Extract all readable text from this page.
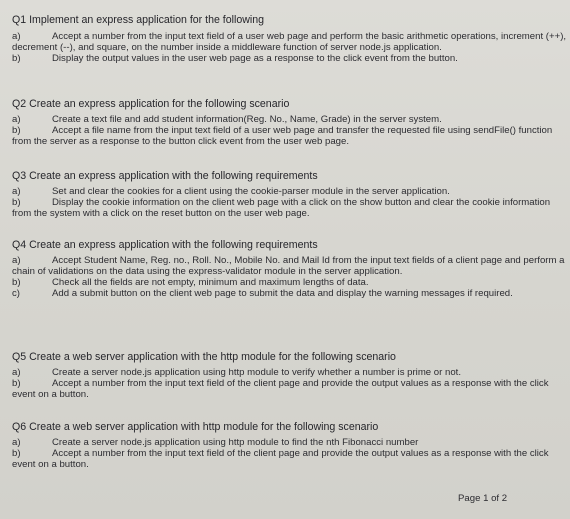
Q1 Implement an express application for the following
a)	Accept a number from the input text field of a user web page and perform the basic arithmetic operations, increment (++), decrement (--), and square, on the number inside a middleware function of server node.js application.
b)	Display the output values in the user web page as a response to the click event from the button.
Q2 Create an express application for the following scenario
a)	Create a text file and add student information(Reg. No., Name, Grade) in the server system.
b)	Accept a file name from the input text field of a user web page and transfer the requested file using sendFile() function from the server as a response to the button click event from the user web page.
Q3 Create an express application with the following requirements
a)	Set and clear the cookies for a client using the cookie-parser module in the server application.
b)	Display the cookie information on the client web page with a click on the show button and clear the cookie information from the system with a click on the reset button on the user web page.
Q4 Create an express application with the following requirements
a)	Accept Student Name, Reg. no., Roll. No., Mobile No. and Mail Id from the input text fields of a client page and perform a chain of validations on the data using the express-validator module in the server application.
b)	Check all the fields are not empty, minimum and maximum lengths of data.
c)	Add a submit button on the client web page to submit the data and display the warning messages if required.
Q5 Create a web server application with the http module for the following scenario
a)	Create a server node.js application using http module to verify whether a number is prime or not.
b)	Accept a number from the input text field of the client page and provide the output values as a response with the click event on a button.
Q6 Create a web server application with http module for the following scenario
a)	Create a server node.js application using http module to find the nth Fibonacci number
b)	Accept a number from the input text field of the client page and provide the output values as a response with the click event on a button.
Page 1 of 2
